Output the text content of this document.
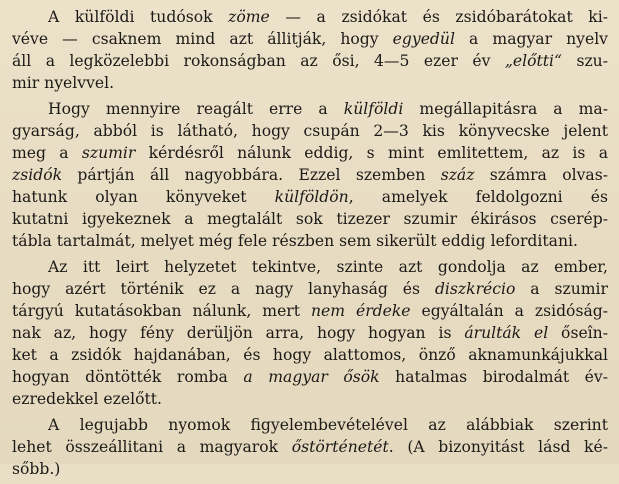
A külföldi tudósok zöme — a zsidókat és zsidóbarátokat ki-
véve — csaknem mind azt állitják, hogy egyedül a magyar nyelv
áll a legközelebbi rokonságban az ősi, 4—5 ezer év „előtti“ szu-
mir nyelvvel.
Hogy mennyire reagált erre a külföldi megállapitásra a ma-
gyarság, abból is látható, hogy csupán 2—3 kis könyvecske jelent
meg a szumir kérdésről nálunk eddig, s mint emlitettem, az is a
zsidók pártján áll nagyobbára. Ezzel szemben száz számra olvas-
hatunk olyan könyveket külföldön, amelyek feldolgozni és
kutatni igyekeznek a megtalált sok tizezer szumir ékirásos cserép-
tábla tartalmát, melyet még fele részben sem sikerült eddig leforditani.
Az itt leirt helyzetet tekintve, szinte azt gondolja az ember,
hogy azért történik ez a nagy lanyhaság és diszkrécio a szumir
tárgyú kutatásokban nálunk, mert nem érdeke egyáltalán a zsidóság-
nak az, hogy fény derüljön arra, hogy hogyan is árulták el őseîn-
ket a zsidók hajdanában, és hogy alattomos, önző aknamunkájukkal
hogyan döntötték romba a magyar ősök hatalmas birodalmát év-
ezredekkel ezelőtt.
A legujabb nyomok figyelembevételével az alábbiak szerint
lehet összeállitani a magyarok őstörténetét. (A bizonyitást lásd ké-
sőbb.)
